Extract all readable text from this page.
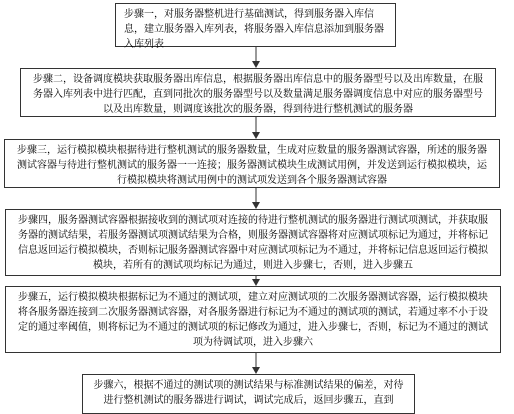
步骤一，对服务器整机进行基础测试，得到服务器入库信息，建立服务器入库列表，将服务器入库信息添加到服务器入库列表
步骤二，设备调度模块获取服务器出库信息，根据服务器出库信息中的服务器型号以及出库数量，在服务器入库列表中进行匹配，直到同批次的服务器型号以及数量满足服务器调度信息中对应的服务器型号以及出库数量，则调度该批次的服务器，得到待进行整机测试的服务器
步骤三，运行模拟模块根据待进行整机测试的服务器数量，生成对应数量的服务器测试容器，所述的服务器测试容器与待进行整机测试的服务器一一连接；服务器测试模块生成测试用例，并发送到运行模拟模块，运行模拟模块将测试用例中的测试项发送到各个服务器测试容器
步骤四，服务器测试容器根据接收到的测试项对连接的待进行整机测试的服务器进行测试项测试，并获取服务器的测试结果，若服务器测试项测试结果为合格，则服务器测试容器将对应测试项标记为通过，并将标记信息返回运行模拟模块，否则标记服务器测试容器中对应测试项标记为不通过，并将标记信息返回运行模拟模块，若所有的测试项均标记为通过，则进入步骤七，否则，进入步骤五
步骤五，运行模拟模块根据标记为不通过的测试项，建立对应测试项的二次服务器测试容器，运行模拟模块将各服务器连接到二次服务器测试容器，对各服务器进行标记为不通过的测试项的测试，若通过率不小于设定的通过率阈值，则将标记为不通过的测试项的标记修改为通过，进入步骤七，否则，标记为不通过的测试项为待调试项，进入步骤六
步骤六，根据不通过的测试项的测试结果与标准测试结果的偏差，对待进行整机测试的服务器进行调试，调试完成后，返回步骤五，直到
